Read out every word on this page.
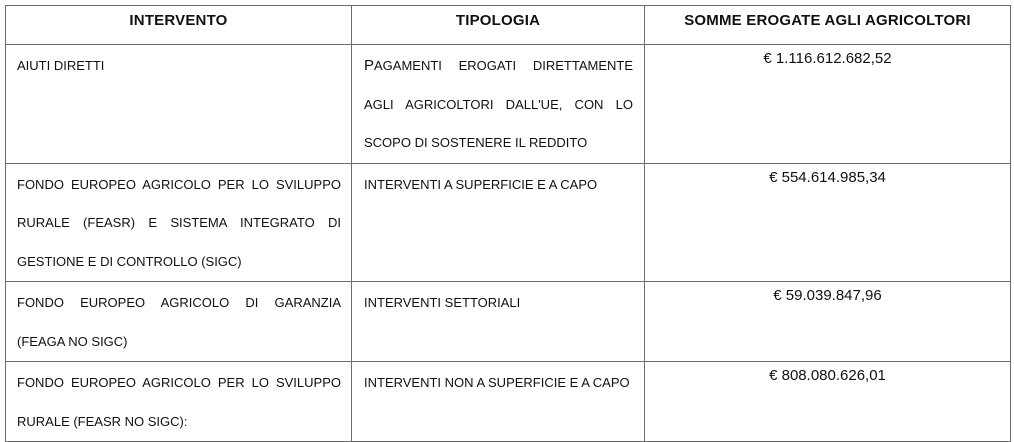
INTERVENTO	TIPOLOGIA	SOMME EROGATE AGLI AGRICOLTORI
AIUTI DIRETTI	PAGAMENTI EROGATI DIRETTAMENTE AGLI AGRICOLTORI DALL'UE, CON LO SCOPO DI SOSTENERE IL REDDITO	€ 1.116.612.682,52
FONDO EUROPEO AGRICOLO PER LO SVILUPPO RURALE (FEASR) E SISTEMA INTEGRATO DI GESTIONE E DI CONTROLLO (SIGC)	INTERVENTI A SUPERFICIE E A CAPO	€ 554.614.985,34
FONDO EUROPEO AGRICOLO DI GARANZIA (FEAGA NO SIGC)	INTERVENTI SETTORIALI	€ 59.039.847,96
FONDO EUROPEO AGRICOLO PER LO SVILUPPO RURALE (FEASR NO SIGC):	INTERVENTI NON A SUPERFICIE E A CAPO	€ 808.080.626,01
